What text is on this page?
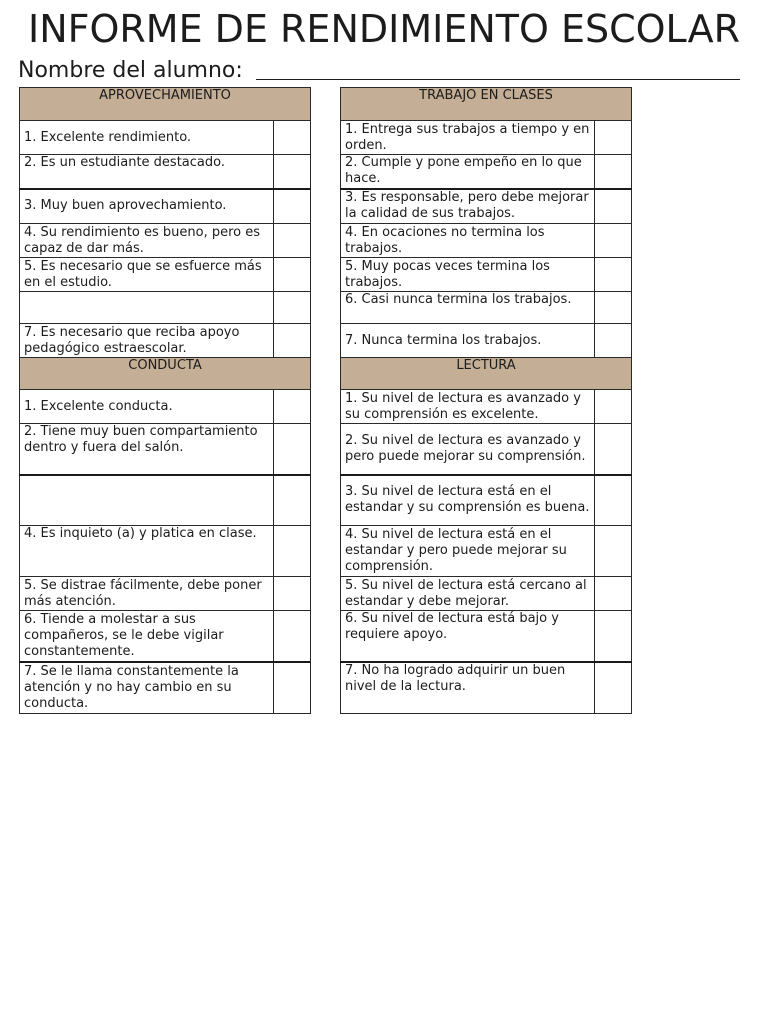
INFORME DE RENDIMIENTO ESCOLAR
Nombre del alumno:
APROVECHAMIENTO	
1. Excelente rendimiento.	
2. Es un estudiante destacado.	
3. Muy buen aprovechamiento.	
4. Su rendimiento es bueno, pero es capaz de dar más.	
5. Es necesario que se esfuerce más en el estudio.	

7. Es necesario que reciba apoyo pedagógico estraescolar.	
TRABAJO EN CLASES	
1. Entrega sus trabajos a tiempo y en orden.	
2. Cumple y pone empeño en lo que hace.	
3. Es responsable, pero debe mejorar la calidad de sus trabajos.	
4. En ocaciones no termina los trabajos.	
5. Muy pocas veces termina los trabajos.	
6. Casi nunca termina los trabajos.	
7. Nunca termina los trabajos.	
CONDUCTA	
1. Excelente conducta.	
2. Tiene muy buen compartamiento dentro y fuera del salón.	

4. Es inquieto (a) y platica en clase.	
5. Se distrae fácilmente, debe poner más atención.	
6. Tiende a molestar a sus compañeros, se le debe vigilar constantemente.	
7. Se le llama constantemente la atención y no hay cambio en su conducta.	
LECTURA	
1. Su nivel de lectura es avanzado y su comprensión es excelente.	
2. Su nivel de lectura es avanzado y pero puede mejorar su comprensión.	
3. Su nivel de lectura está en el estandar y su comprensión es buena.	
4. Su nivel de lectura está en el estandar y pero puede mejorar su comprensión.	
5. Su nivel de lectura está cercano al estandar y debe mejorar.	
6. Su nivel de lectura está bajo y requiere apoyo.	
7. No ha logrado adquirir un buen nivel de la lectura.	
